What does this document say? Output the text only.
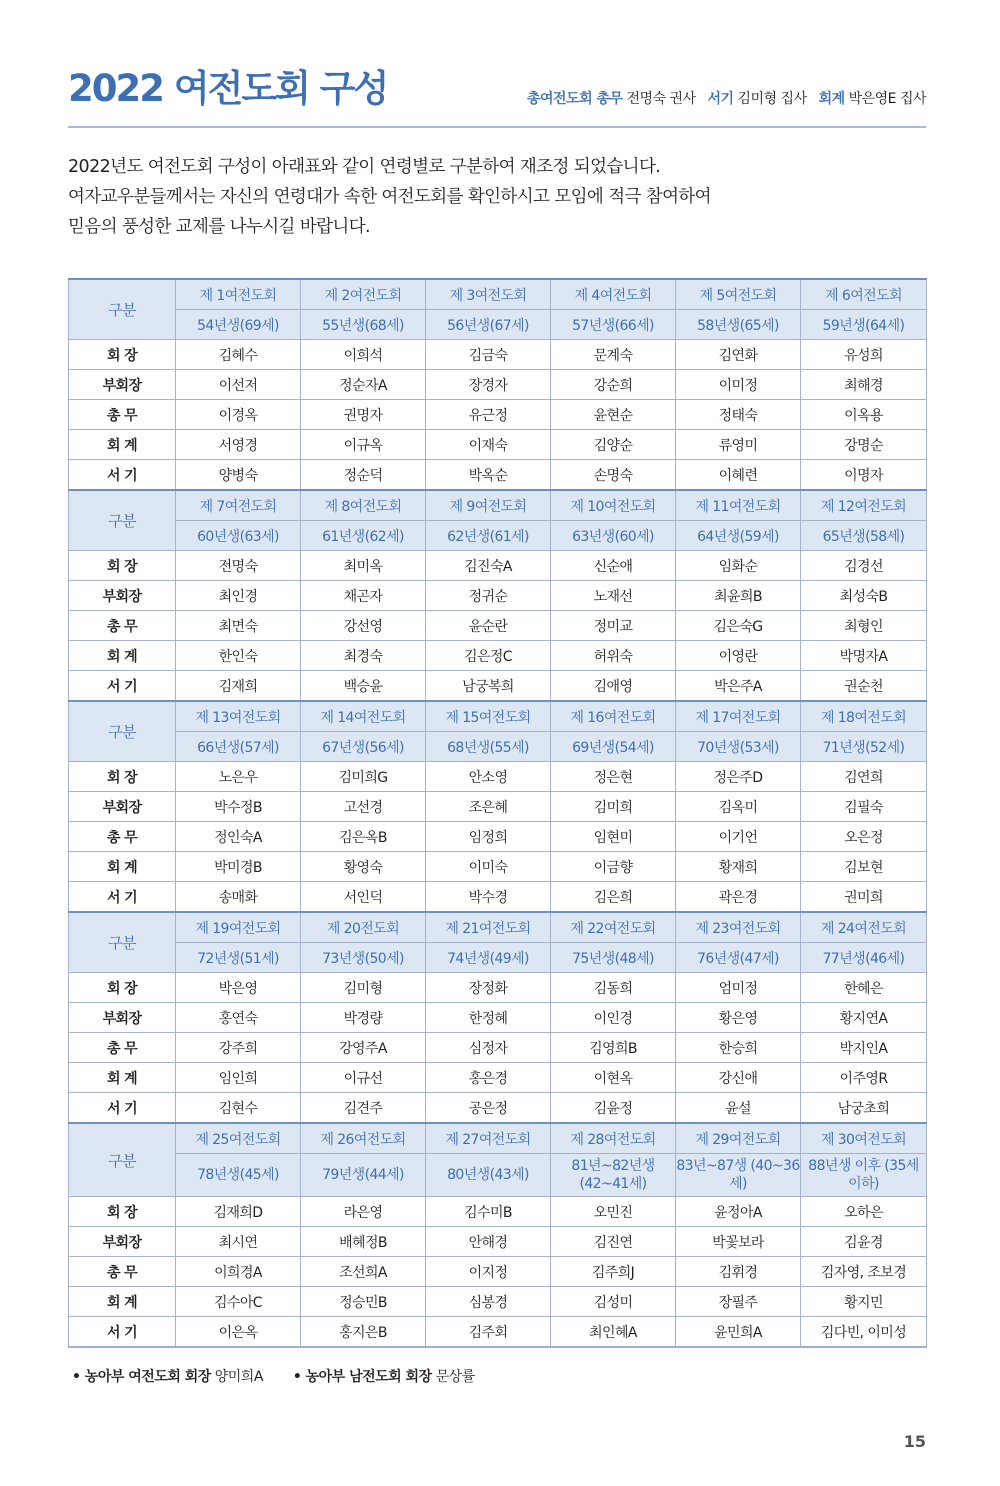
2022 여전도회 구성	총여전도회 총무 전명숙 권사 서기 김미형 집사 회계 박은영E 집사

2022년도 여전도회 구성이 아래표와 같이 연령별로 구분하여 재조정 되었습니다.

여자교우분들께서는 자신의 연령대가 속한 여전도회를 확인하시고 모임에 적극 참여하여

믿음의 풍성한 교제를 나누시길 바랍니다.

구분	제 1여전도회	제 2여전도회	제 3여전도회	제 4여전도회	제 5여전도회	제 6여전도회
	54년생(69세)	55년생(68세)	56년생(67세)	57년생(66세)	58년생(65세)	59년생(64세)
회 장	김혜수	이희석	김금숙	문계숙	김연화	유성희
부회장	이선저	정순자A	장경자	강순희	이미정	최해경
총 무	이경옥	권명자	유근정	윤현순	정태숙	이옥용
회 계	서영경	이규옥	이재숙	김양순	류영미	강명순
서 기	양병숙	정순덕	박옥순	손명숙	이혜련	이명자
구분	제 7여전도회	제 8여전도회	제 9여전도회	제 10여전도회	제 11여전도회	제 12여전도회
	60년생(63세)	61년생(62세)	62년생(61세)	63년생(60세)	64년생(59세)	65년생(58세)
회 장	전명숙	최미옥	김진숙A	신순애	임화순	김경선
부회장	최인경	채곤자	정귀순	노재선	최윤희B	최성숙B
총 무	최면숙	강선영	윤순란	정미교	김은숙G	최형인
회 계	한인숙	최경숙	김은정C	허위숙	이영란	박명자A
서 기	김재희	백승윤	남궁복희	김애영	박은주A	권순천
구분	제 13여전도회	제 14여전도회	제 15여전도회	제 16여전도회	제 17여전도회	제 18여전도회
	66년생(57세)	67년생(56세)	68년생(55세)	69년생(54세)	70년생(53세)	71년생(52세)
회 장	노은우	김미희G	안소영	정은현	정은주D	김연희
부회장	박수정B	고선경	조은혜	김미희	김옥미	김필숙
총 무	정인숙A	김은옥B	임정희	임현미	이기언	오은정
회 계	박미경B	황영숙	이미숙	이금향	황재희	김보현
서 기	송매화	서인덕	박수경	김은희	곽은경	권미희
구분	제 19여전도회	제 20전도회	제 21여전도회	제 22여전도회	제 23여전도회	제 24여전도회
	72년생(51세)	73년생(50세)	74년생(49세)	75년생(48세)	76년생(47세)	77년생(46세)
회 장	박은영	김미형	장정화	김동희	엄미정	한혜은
부회장	홍연숙	박경량	한정혜	이인경	황은영	황지연A
총 무	강주희	강영주A	심정자	김영희B	한승희	박지인A
회 계	임인희	이규선	홍은경	이현옥	강신애	이주영R
서 기	김현수	김견주	공은정	김윤정	윤설	남궁초희
구분	제 25여전도회	제 26여전도회	제 27여전도회	제 28여전도회	제 29여전도회	제 30여전도회
	78년생(45세)	79년생(44세)	80년생(43세)	81년~82년생 (42~41세)	83년~87생 (40~36세)	88년생 이후 (35세 이하)
회 장	김재희D	라은영	김수미B	오민진	윤정아A	오하은
부회장	최시연	배혜정B	안해경	김진연	박꽃보라	김윤경
총 무	이희경A	조선희A	이지정	김주희J	김휘경	김자영, 조보경
회 계	김수아C	정승민B	심봉경	김성미	장필주	황지민
서 기	이은옥	홍지은B	김주회	최인혜A	윤민희A	김다빈, 이미성
• 농아부 여전도회 회장 양미희A • 농아부 남전도회 회장 문상률
15
